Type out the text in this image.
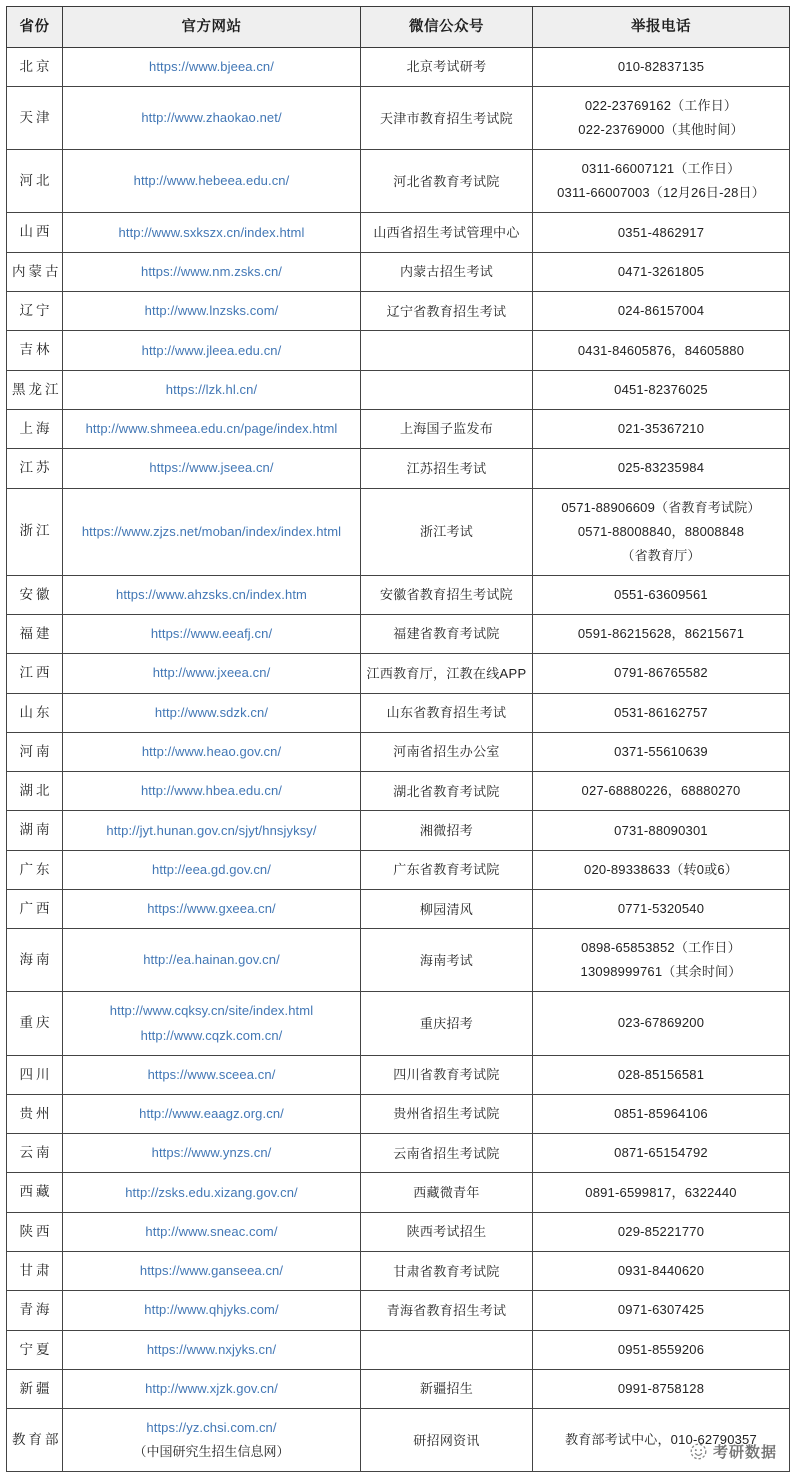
省份	官方网站	微信公众号	举报电话

北京	https://www.bjeea.cn/	北京考试研考	010-82837135

天津	http://www.zhaokao.net/	天津市教育招生考试院	022-23769162（工作日）
022-23769000（其他时间）

河北	http://www.hebeea.edu.cn/	河北省教育考试院	0311-66007121（工作日）
0311-66007003（12月26日-28日）

山西	http://www.sxkszx.cn/index.html	山西省招生考试管理中心	0351-4862917

内蒙古	https://www.nm.zsks.cn/	内蒙古招生考试	0471-3261805

辽宁	http://www.lnzsks.com/	辽宁省教育招生考试	024-86157004

吉林	http://www.jleea.edu.cn/		0431-84605876，84605880

黑龙江	https://lzk.hl.cn/		0451-82376025

上海	http://www.shmeea.edu.cn/page/index.html	上海国子监发布	021-35367210

江苏	https://www.jseea.cn/	江苏招生考试	025-83235984

浙江	https://www.zjzs.net/moban/index/index.html	浙江考试	0571-88906609（省教育考试院）
0571-88008840，88008848（省教育厅）

安徽	https://www.ahzsks.cn/index.htm	安徽省教育招生考试院	0551-63609561

福建	https://www.eeafj.cn/	福建省教育考试院	0591-86215628，86215671

江西	http://www.jxeea.cn/	江西教育厅，江教在线APP	0791-86765582

山东	http://www.sdzk.cn/	山东省教育招生考试	0531-86162757

河南	http://www.heao.gov.cn/	河南省招生办公室	0371-55610639

湖北	http://www.hbea.edu.cn/	湖北省教育考试院	027-68880226，68880270

湖南	http://jyt.hunan.gov.cn/sjyt/hnsjyksy/	湘微招考	0731-88090301

广东	http://eea.gd.gov.cn/	广东省教育考试院	020-89338633（转0或6）

广西	https://www.gxeea.cn/	柳园清风	0771-5320540

海南	http://ea.hainan.gov.cn/	海南考试	0898-65853852（工作日）
13098999761（其余时间）

重庆	http://www.cqksy.cn/site/index.html
http://www.cqzk.com.cn/	重庆招考	023-67869200

四川	https://www.sceea.cn/	四川省教育考试院	028-85156581

贵州	http://www.eaagz.org.cn/	贵州省招生考试院	0851-85964106

云南	https://www.ynzs.cn/	云南省招生考试院	0871-65154792

西藏	http://zsks.edu.xizang.gov.cn/	西藏微青年	0891-6599817，6322440

陕西	http://www.sneac.com/	陕西考试招生	029-85221770

甘肃	https://www.ganseea.cn/	甘肃省教育考试院	0931-8440620

青海	http://www.qhjyks.com/	青海省教育招生考试	0971-6307425

宁夏	https://www.nxjyks.cn/		0951-8559206

新疆	http://www.xjzk.gov.cn/	新疆招生	0991-8758128

教育部	https://yz.chsi.com.cn/（中国研究生招生信息网）	研招网资讯	教育部考试中心，010-62790357
考研数据
